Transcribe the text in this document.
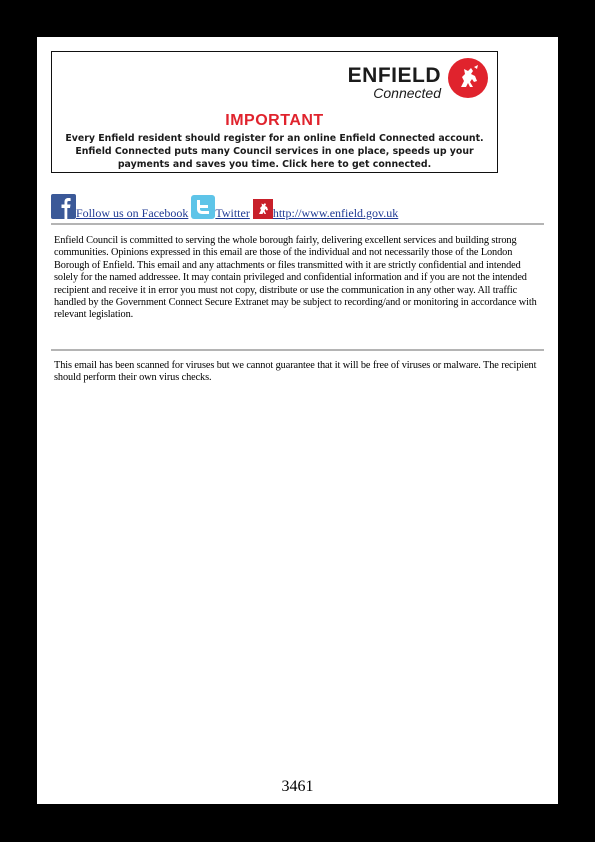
ENFIELD
Connected
IMPORTANT
Every Enfield resident should register for an online Enfield Connected account.
Enfield Connected puts many Council services in one place, speeds up your
payments and saves you time. Click here to get connected.
Follow us on Facebook Twitter http://www.enfield.gov.uk
Enfield Council is committed to serving the whole borough fairly, delivering excellent services and building strong communities. Opinions expressed in this email are those of the individual and not necessarily those of the London Borough of Enfield. This email and any attachments or files transmitted with it are strictly confidential and intended solely for the named addressee. It may contain privileged and confidential information and if you are not the intended recipient and receive it in error you must not copy, distribute or use the communication in any other way. All traffic handled by the Government Connect Secure Extranet may be subject to recording/and or monitoring in accordance with relevant legislation.
This email has been scanned for viruses but we cannot guarantee that it will be free of viruses or malware. The recipient should perform their own virus checks.
3461
